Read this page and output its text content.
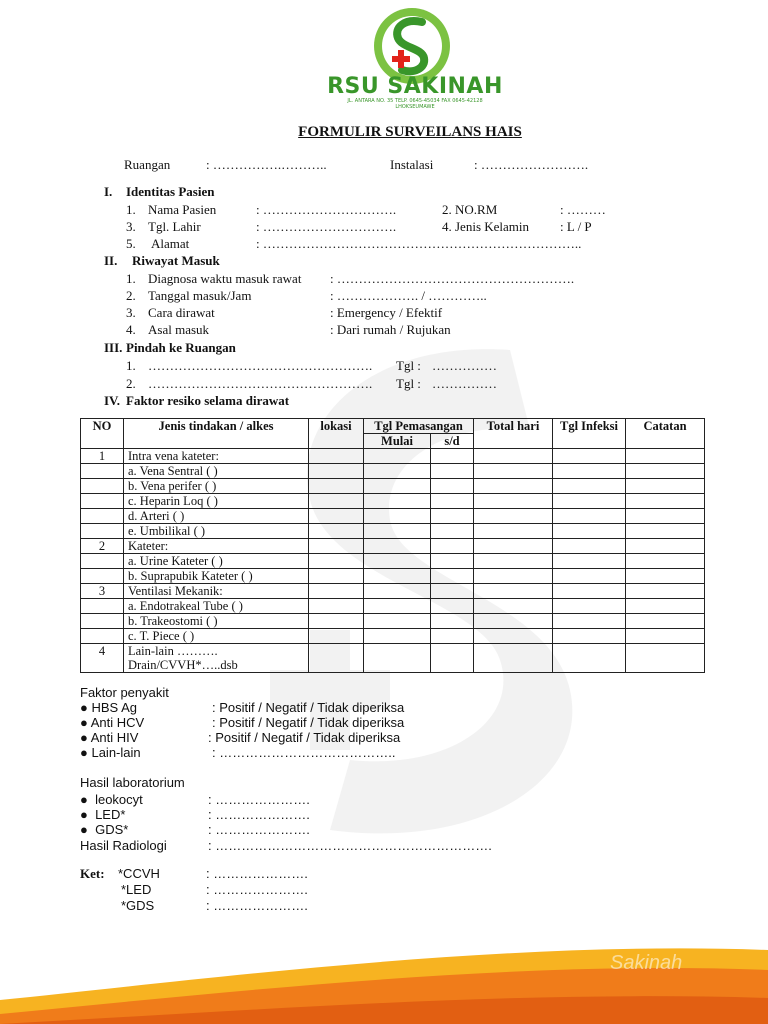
RSU SAKINAH
JL. ANTARA NO. 35 TELP. 0645-45034 FAX 0645-42128 LHOKSEUMAWE
FORMULIR SURVEILANS HAIS
Ruangan	: …………….………..	Instalasi	: …………………….
I. Identitas Pasien
1. Nama Pasien	: ………………………….	2. NO.RM	: ………
3. Tgl. Lahir	: ………………………….	4. Jenis Kelamin : L / P
5. Alamat	: ………………………………………………………………..
II. Riwayat Masuk
1. Diagnosa waktu masuk rawat : ……………………………………………….
2. Tanggal masuk/Jam	: ………………. / …………..
3. Cara dirawat	: Emergency / Efektif
4. Asal masuk	: Dari rumah / Rujukan
III. Pindah ke Ruangan
1. ……………………………………………. Tgl : ……………
2. ……………………………………………. Tgl : ……………
IV. Faktor resiko selama dirawat
NO	Jenis tindakan / alkes	lokasi	Tgl Pemasangan		Total hari	Tgl Infeksi	Catatan
			Mulai	s/d			
1	Intra vena kateter:						
	a. Vena Sentral ( )						
	b. Vena perifer ( )						
	c. Heparin Loq ( )						
	d. Arteri ( )						
	e. Umbilikal ( )						
2	Kateter:						
	a. Urine Kateter ( )						
	b. Suprapubik Kateter ( )						
3	Ventilasi Mekanik:						
	a. Endotrakeal Tube ( )						
	b. Trakeostomi ( )						
	c. T. Piece ( )						
4	Lain-lain ……….
Drain/CVVH*…..dsb						
Faktor penyakit
● HBS Ag	: Positif / Negatif / Tidak diperiksa
● Anti HCV	: Positif / Negatif / Tidak diperiksa
● Anti HIV	: Positif / Negatif / Tidak diperiksa
● Lain-lain	: …………………………………..
Hasil laboratorium
●  leokocyt	: ………………….
●  LED*	: ………………….
●  GDS*	: ………………….
Hasil Radiologi	: ……………………………………………………….
Ket: *CCVH	: ………………….
*LED	: ………………….
*GDS	: ………………….
Sakinah
